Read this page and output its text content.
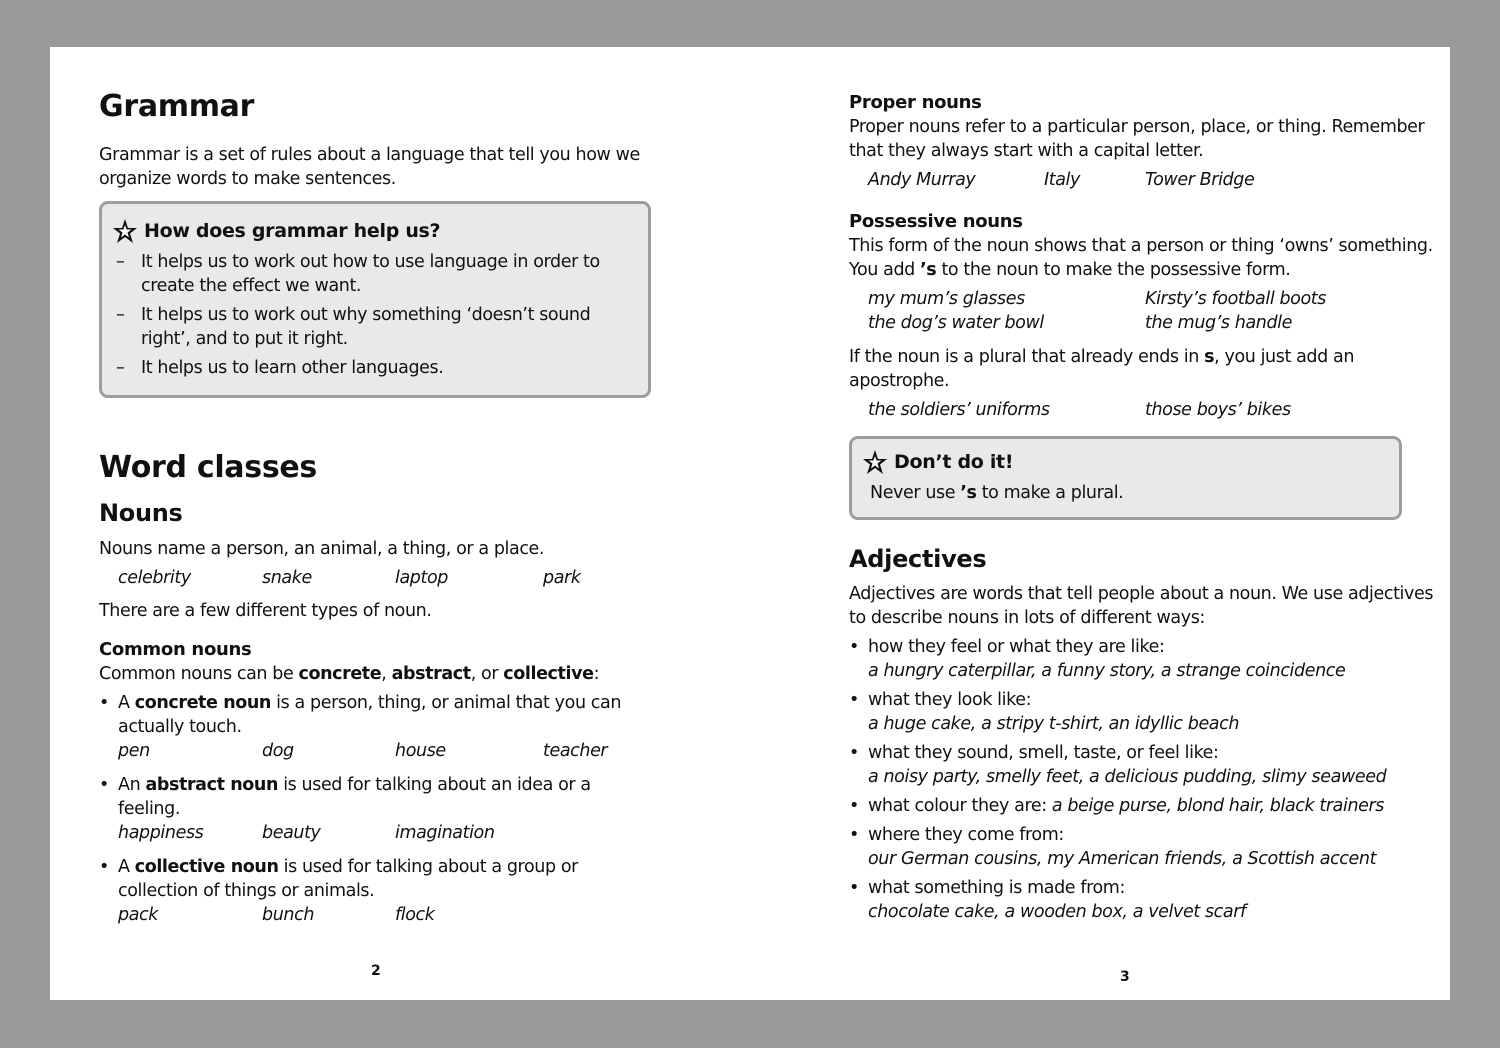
Grammar
Grammar is a set of rules about a language that tell you how we organize words to make sentences.
How does grammar help us?
– It helps us to work out how to use language in order to create the effect we want.
– It helps us to work out why something ‘doesn’t sound right’, and to put it right.
– It helps us to learn other languages.
Word classes
Nouns
Nouns name a person, an animal, a thing, or a place.
celebrity	snake	laptop	park
There are a few different types of noun.
Common nouns
Common nouns can be concrete, abstract, or collective:
• A concrete noun is a person, thing, or animal that you can actually touch.
pen	dog	house	teacher
• An abstract noun is used for talking about an idea or a feeling.
happiness	beauty	imagination
• A collective noun is used for talking about a group or collection of things or animals.
pack	bunch	flock
2
Proper nouns
Proper nouns refer to a particular person, place, or thing. Remember that they always start with a capital letter.
Andy Murray	Italy	Tower Bridge
Possessive nouns
This form of the noun shows that a person or thing ‘owns’ something. You add ’s to the noun to make the possessive form.
my mum’s glasses	Kirsty’s football boots
the dog’s water bowl	the mug’s handle
If the noun is a plural that already ends in s, you just add an apostrophe.
the soldiers’ uniforms	those boys’ bikes
Don’t do it!
Never use ’s to make a plural.
Adjectives
Adjectives are words that tell people about a noun. We use adjectives to describe nouns in lots of different ways:
• how they feel or what they are like:
a hungry caterpillar, a funny story, a strange coincidence
• what they look like:
a huge cake, a stripy t-shirt, an idyllic beach
• what they sound, smell, taste, or feel like:
a noisy party, smelly feet, a delicious pudding, slimy seaweed
• what colour they are: a beige purse, blond hair, black trainers
• where they come from:
our German cousins, my American friends, a Scottish accent
• what something is made from:
chocolate cake, a wooden box, a velvet scarf
3
